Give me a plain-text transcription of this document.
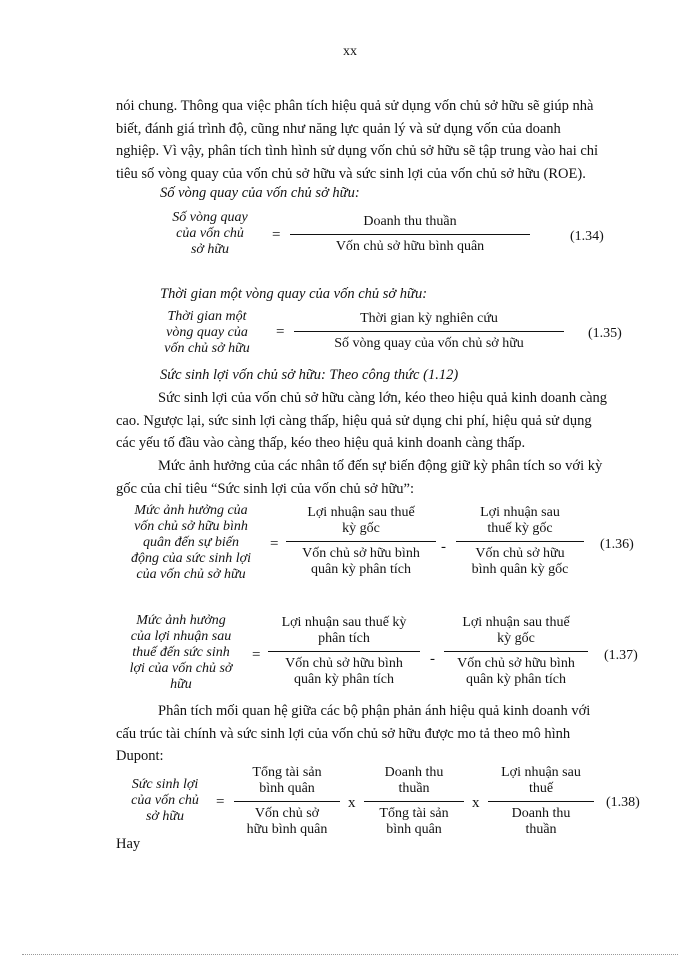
xx
nói chung. Thông qua việc phân tích hiệu quả sử dụng vốn chủ sở hữu sẽ giúp nhà
biết, đánh giá trình độ, cũng như năng lực quản lý và sử dụng vốn của doanh
nghiệp. Vì vậy, phân tích tình hình sử dụng vốn chủ sở hữu sẽ tập trung vào hai chỉ
tiêu số vòng quay của vốn chủ sở hữu và sức sinh lợi của vốn chủ sở hữu (ROE).
Số vòng quay của vốn chủ sở hữu:
Số vòng quay
của vốn chủ
sở hữu
=
Doanh thu thuần
Vốn chủ sở hữu bình quân
(1.34)
Thời gian một vòng quay của vốn chủ sở hữu:
Thời gian một
vòng quay của
vốn chủ sở hữu
=
Thời gian kỳ nghiên cứu
Số vòng quay của vốn chủ sở hữu
(1.35)
Sức sinh lợi vốn chủ sở hữu: Theo công thức (1.12)
Sức sinh lợi của vốn chủ sở hữu càng lớn, kéo theo hiệu quả kinh doanh càng
cao. Ngược lại, sức sinh lợi càng thấp, hiệu quả sử dụng chi phí, hiệu quả sử dụng
các yếu tố đầu vào càng thấp, kéo theo hiệu quả kinh doanh càng thấp.
Mức ảnh hưởng của các nhân tố đến sự biến động giữ kỳ phân tích so với kỳ
gốc của chỉ tiêu “Sức sinh lợi của vốn chủ sở hữu”:
Mức ảnh hưởng của
vốn chủ sở hữu bình
quân đến sự biến
động của sức sinh lợi
của vốn chủ sở hữu
=
Lợi nhuận sau thuế
kỳ gốc
Vốn chủ sở hữu bình
quân kỳ phân tích
-
Lợi nhuận sau
thuế kỳ gốc
Vốn chủ sở hữu
bình quân kỳ gốc
(1.36)
Mức ảnh hưởng
của lợi nhuận sau
thuế đến sức sinh
lợi của vốn chủ sở
hữu
=
Lợi nhuận sau thuế kỳ
phân tích
Vốn chủ sở hữu bình
quân kỳ phân tích
-
Lợi nhuận sau thuế
kỳ gốc
Vốn chủ sở hữu bình
quân kỳ phân tích
(1.37)
Phân tích mối quan hệ giữa các bộ phận phản ánh hiệu quả kinh doanh với
cấu trúc tài chính và sức sinh lợi của vốn chủ sở hữu được mo tả theo mô hình
Dupont:
Sức sinh lợi
của vốn chủ
sở hữu
=
Tổng tài sản
bình quân
Vốn chủ sở
hữu bình quân
x
Doanh thu
thuần
Tổng tài sản
bình quân
x
Lợi nhuận sau
thuế
Doanh thu
thuần
(1.38)
Hay
